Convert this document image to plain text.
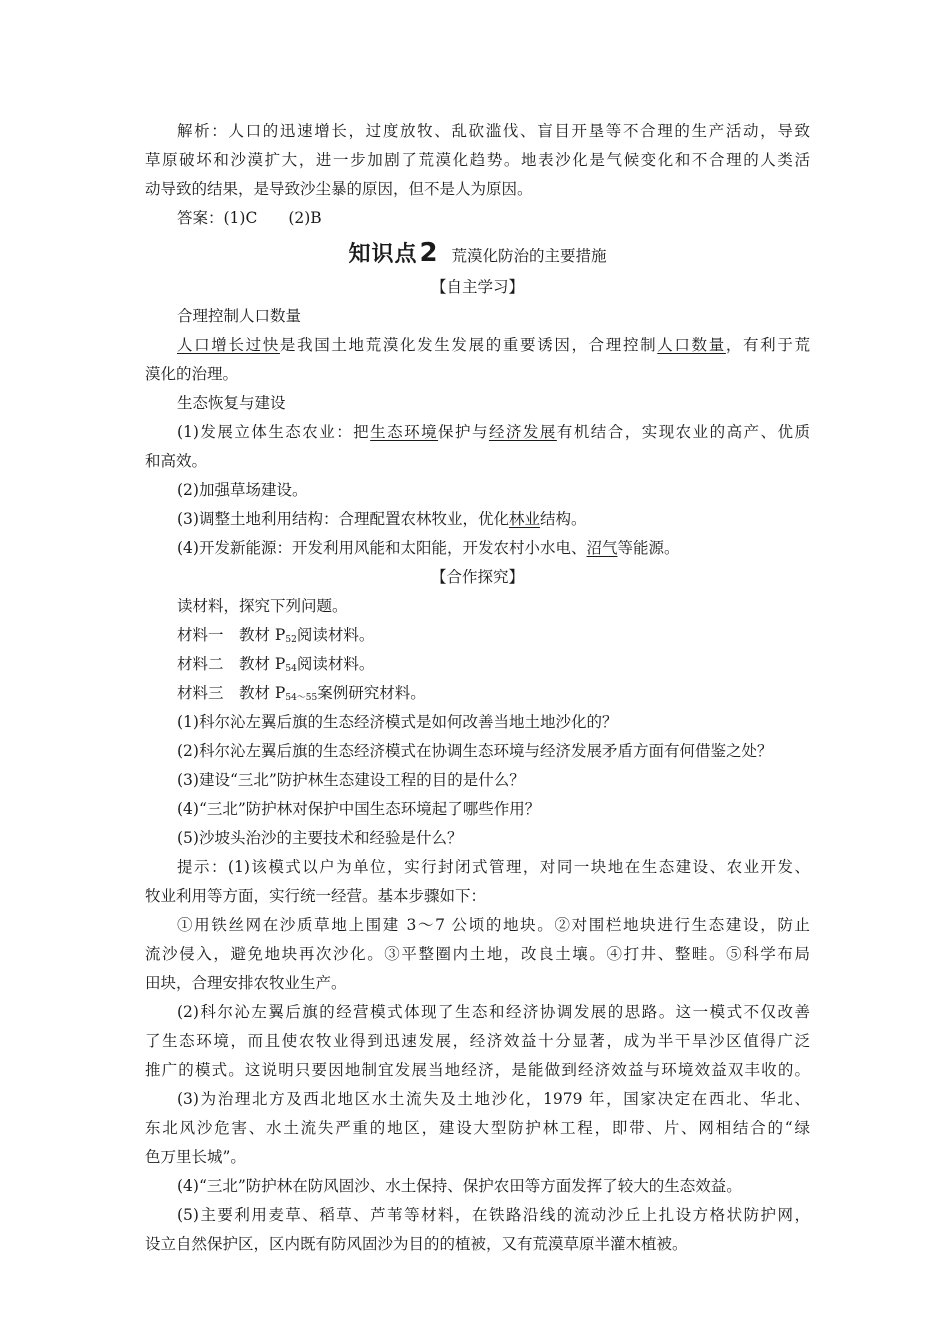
解析：人口的迅速增长，过度放牧、乱砍滥伐、盲目开垦等不合理的生产活动，导致
草原破坏和沙漠扩大，进一步加剧了荒漠化趋势。地表沙化是气候变化和不合理的人类活
动导致的结果，是导致沙尘暴的原因，但不是人为原因。
答案：(1)C　　(2)B
知识点2 荒漠化防治的主要措施
【自主学习】
合理控制人口数量
人口增长过快是我国土地荒漠化发生发展的重要诱因，合理控制人口数量，有利于荒
漠化的治理。
生态恢复与建设
(1)发展立体生态农业：把生态环境保护与经济发展有机结合，实现农业的高产、优质
和高效。
(2)加强草场建设。
(3)调整土地利用结构：合理配置农林牧业，优化林业结构。
(4)开发新能源：开发利用风能和太阳能，开发农村小水电、沼气等能源。
【合作探究】
读材料，探究下列问题。
材料一　教材 $P_{52}$阅读材料。
材料二　教材 $P_{54}$阅读材料。
材料三　教材 $P_{54\sim 55}$案例研究材料。
(1)科尔沁左翼后旗的生态经济模式是如何改善当地土地沙化的？
(2)科尔沁左翼后旗的生态经济模式在协调生态环境与经济发展矛盾方面有何借鉴之处？
(3)建设“三北”防护林生态建设工程的目的是什么？
(4)“三北”防护林对保护中国生态环境起了哪些作用？
(5)沙坡头治沙的主要技术和经验是什么？
提示：(1)该模式以户为单位，实行封闭式管理，对同一块地在生态建设、农业开发、
牧业利用等方面，实行统一经营。基本步骤如下：
①用铁丝网在沙质草地上围建 3～7 公顷的地块。②对围栏地块进行生态建设，防止
流沙侵入，避免地块再次沙化。③平整圈内土地，改良土壤。④打井、整畦。⑤科学布局
田块，合理安排农牧业生产。
(2)科尔沁左翼后旗的经营模式体现了生态和经济协调发展的思路。这一模式不仅改善
了生态环境，而且使农牧业得到迅速发展，经济效益十分显著，成为半干旱沙区值得广泛
推广的模式。这说明只要因地制宜发展当地经济，是能做到经济效益与环境效益双丰收的。
(3)为治理北方及西北地区水土流失及土地沙化，1979 年，国家决定在西北、华北、
东北风沙危害、水土流失严重的地区，建设大型防护林工程，即带、片、网相结合的“绿
色万里长城”。
(4)“三北”防护林在防风固沙、水土保持、保护农田等方面发挥了较大的生态效益。
(5)主要利用麦草、稻草、芦苇等材料，在铁路沿线的流动沙丘上扎设方格状防护网，
设立自然保护区，区内既有防风固沙为目的的植被，又有荒漠草原半灌木植被。
